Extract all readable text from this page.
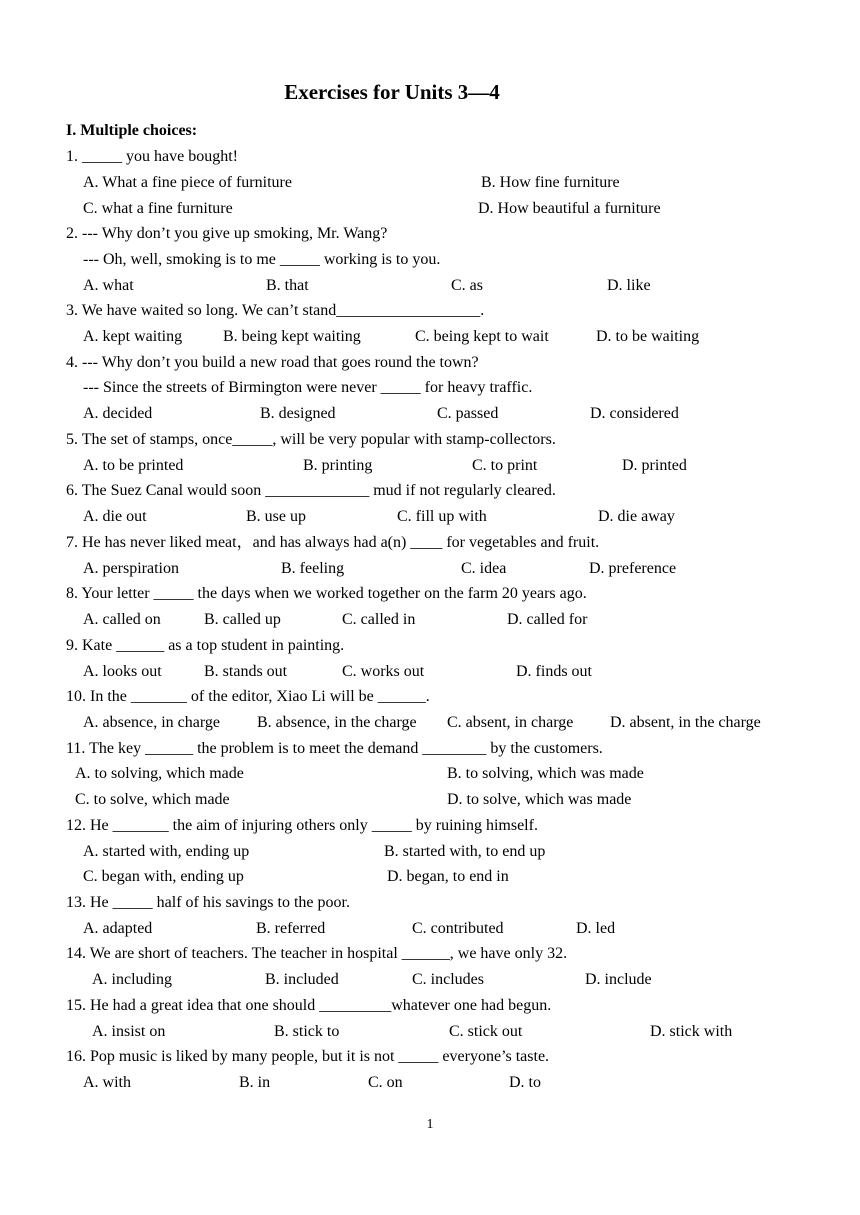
Exercises for Units 3—4
I. Multiple choices:
1. _____ you have bought!
A. What a fine piece of furniture	B. How fine furniture
C. what a fine furniture	D. How beautiful a furniture
2. --- Why don’t you give up smoking, Mr. Wang?
--- Oh, well, smoking is to me _____ working is to you.
A. what	B. that	C. as	D. like
3. We have waited so long. We can’t stand__________________.
A. kept waiting	B. being kept waiting	C. being kept to wait	D. to be waiting
4. --- Why don’t you build a new road that goes round the town?
--- Since the streets of Birmington were never _____ for heavy traffic.
A. decided	B. designed	C. passed	D. considered
5. The set of stamps, once_____, will be very popular with stamp-collectors.
A. to be printed	B. printing	C. to print	D. printed
6. The Suez Canal would soon _____________ mud if not regularly cleared.
A. die out	B. use up	C. fill up with	D. die away
7. He has never liked meat，and has always had a(n) ____ for vegetables and fruit.
A. perspiration	B. feeling	C. idea	D. preference
8. Your letter _____ the days when we worked together on the farm 20 years ago.
A. called on	B. called up	C. called in	D. called for
9. Kate ______ as a top student in painting.
A. looks out	B. stands out	C. works out	D. finds out
10. In the _______ of the editor, Xiao Li will be ______.
A. absence, in charge B. absence, in the charge C. absent, in charge D. absent, in the charge
11. The key ______ the problem is to meet the demand ________ by the customers.
A. to solving, which made	B. to solving, which was made
C. to solve, which made	D. to solve, which was made
12. He _______ the aim of injuring others only _____ by ruining himself.
A. started with, ending up	B. started with, to end up
C. began with, ending up	D. began, to end in
13. He _____ half of his savings to the poor.
A. adapted	B. referred	C. contributed	D. led
14. We are short of teachers. The teacher in hospital ______, we have only 32.
A. including	B. included	C. includes	D. include
15. He had a great idea that one should _________whatever one had begun.
A. insist on	B. stick to	C. stick out	D. stick with
16. Pop music is liked by many people, but it is not _____ everyone’s taste.
A. with	B. in	C. on	D. to
1
